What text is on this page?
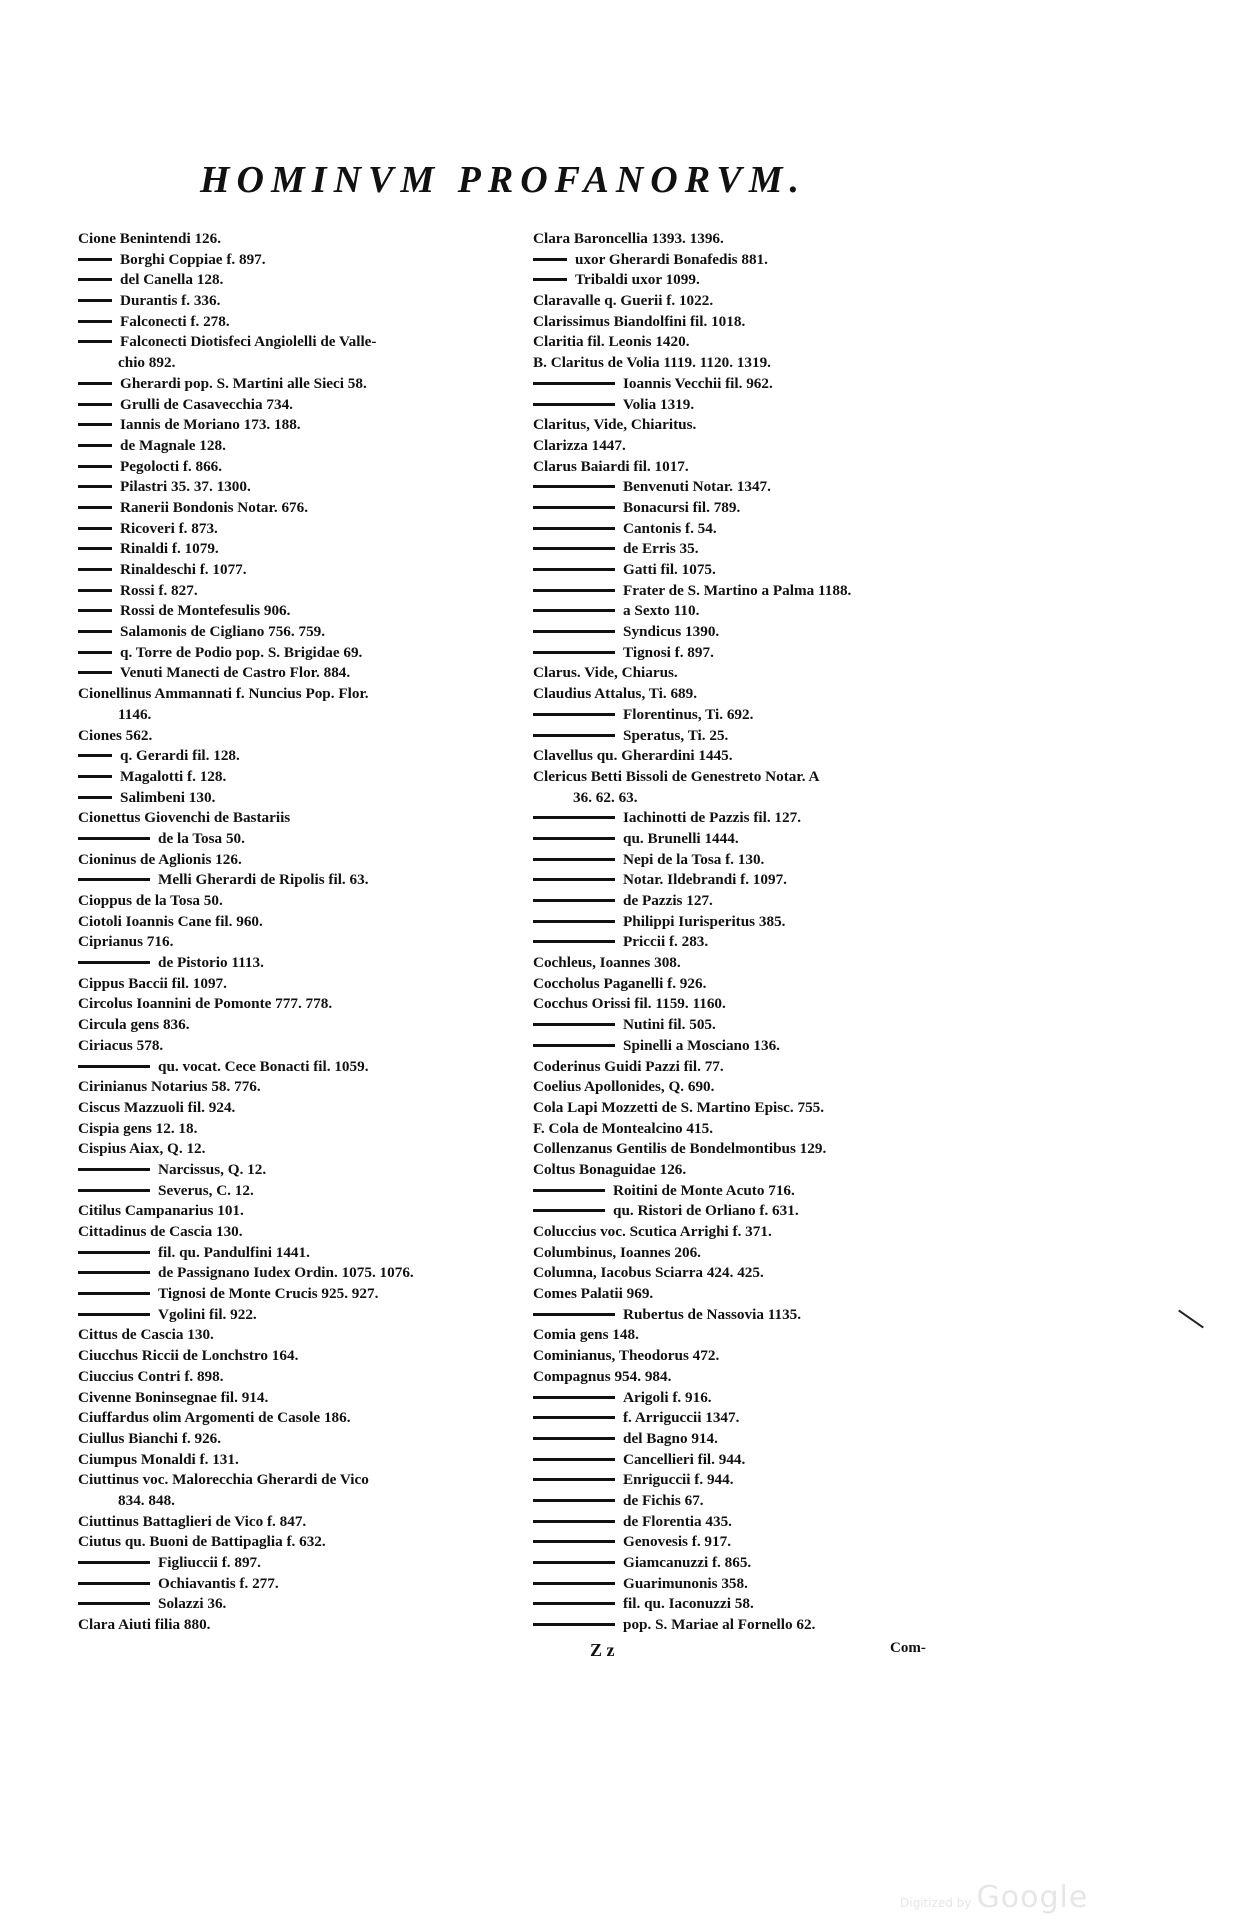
HOMINVM PROFANORVM.
Cione Benintendi 126.
Borghi Coppiae f. 897.
del Canella 128.
Durantis f. 336.
Falconecti f. 278.
Falconecti Diotisfeci Angiolelli de Valle-
chio 892.
Gherardi pop. S. Martini alle Sieci 58.
Grulli de Casavecchia 734.
Iannis de Moriano 173. 188.
de Magnale 128.
Pegolocti f. 866.
Pilastri 35. 37. 1300.
Ranerii Bondonis Notar. 676.
Ricoveri f. 873.
Rinaldi f. 1079.
Rinaldeschi f. 1077.
Rossi f. 827.
Rossi de Montefesulis 906.
Salamonis de Cigliano 756. 759.
q. Torre de Podio pop. S. Brigidae 69.
Venuti Manecti de Castro Flor. 884.
Cionellinus Ammannati f. Nuncius Pop. Flor.
1146.
Ciones 562.
q. Gerardi fil. 128.
Magalotti f. 128.
Salimbeni 130.
Cionettus Giovenchi de Bastariis
de la Tosa 50.
Cioninus de Aglionis 126.
Melli Gherardi de Ripolis fil. 63.
Cioppus de la Tosa 50.
Ciotoli Ioannis Cane fil. 960.
Ciprianus 716.
de Pistorio 1113.
Cippus Baccii fil. 1097.
Circolus Ioannini de Pomonte 777. 778.
Circula gens 836.
Ciriacus 578.
qu. vocat. Cece Bonacti fil. 1059.
Cirinianus Notarius 58. 776.
Ciscus Mazzuoli fil. 924.
Cispia gens 12. 18.
Cispius Aiax, Q. 12.
Narcissus, Q. 12.
Severus, C. 12.
Citilus Campanarius 101.
Cittadinus de Cascia 130.
fil. qu. Pandulfini 1441.
de Passignano Iudex Ordin. 1075. 1076.
Tignosi de Monte Crucis 925. 927.
Vgolini fil. 922.
Cittus de Cascia 130.
Ciucchus Riccii de Lonchstro 164.
Ciuccius Contri f. 898.
Civenne Boninsegnae fil. 914.
Ciuffardus olim Argomenti de Casole 186.
Ciullus Bianchi f. 926.
Ciumpus Monaldi f. 131.
Ciuttinus voc. Malorecchia Gherardi de Vico
834. 848.
Ciuttinus Battaglieri de Vico f. 847.
Ciutus qu. Buoni de Battipaglia f. 632.
Figliuccii f. 897.
Ochiavantis f. 277.
Solazzi 36.
Clara Aiuti filia 880.
Clara Baroncellia 1393. 1396.
uxor Gherardi Bonafedis 881.
Tribaldi uxor 1099.
Claravalle q. Guerii f. 1022.
Clarissimus Biandolfini fil. 1018.
Claritia fil. Leonis 1420.
B. Claritus de Volia 1119. 1120. 1319.
Ioannis Vecchii fil. 962.
Volia 1319.
Claritus, Vide, Chiaritus.
Clarizza 1447.
Clarus Baiardi fil. 1017.
Benvenuti Notar. 1347.
Bonacursi fil. 789.
Cantonis f. 54.
de Erris 35.
Gatti fil. 1075.
Frater de S. Martino a Palma 1188.
a Sexto 110.
Syndicus 1390.
Tignosi f. 897.
Clarus. Vide, Chiarus.
Claudius Attalus, Ti. 689.
Florentinus, Ti. 692.
Speratus, Ti. 25.
Clavellus qu. Gherardini 1445.
Clericus Betti Bissoli de Genestreto Notar. A
36. 62. 63.
Iachinotti de Pazzis fil. 127.
qu. Brunelli 1444.
Nepi de la Tosa f. 130.
Notar. Ildebrandi f. 1097.
de Pazzis 127.
Philippi Iurisperitus 385.
Priccii f. 283.
Cochleus, Ioannes 308.
Coccholus Paganelli f. 926.
Cocchus Orissi fil. 1159. 1160.
Nutini fil. 505.
Spinelli a Mosciano 136.
Coderinus Guidi Pazzi fil. 77.
Coelius Apollonides, Q. 690.
Cola Lapi Mozzetti de S. Martino Episc. 755.
F. Cola de Montealcino 415.
Collenzanus Gentilis de Bondelmontibus 129.
Coltus Bonaguidae 126.
Roitini de Monte Acuto 716.
qu. Ristori de Orliano f. 631.
Coluccius voc. Scutica Arrighi f. 371.
Columbinus, Ioannes 206.
Columna, Iacobus Sciarra 424. 425.
Comes Palatii 969.
Rubertus de Nassovia 1135.
Comia gens 148.
Cominianus, Theodorus 472.
Compagnus 954. 984.
Arigoli f. 916.
f. Arriguccii 1347.
del Bagno 914.
Cancellieri fil. 944.
Enriguccii f. 944.
de Fichis 67.
de Florentia 435.
Genovesis f. 917.
Giamcanuzzi f. 865.
Guarimunonis 358.
fil. qu. Iaconuzzi 58.
pop. S. Mariae al Fornello 62.
Z z	Com-
Digitized by Google
